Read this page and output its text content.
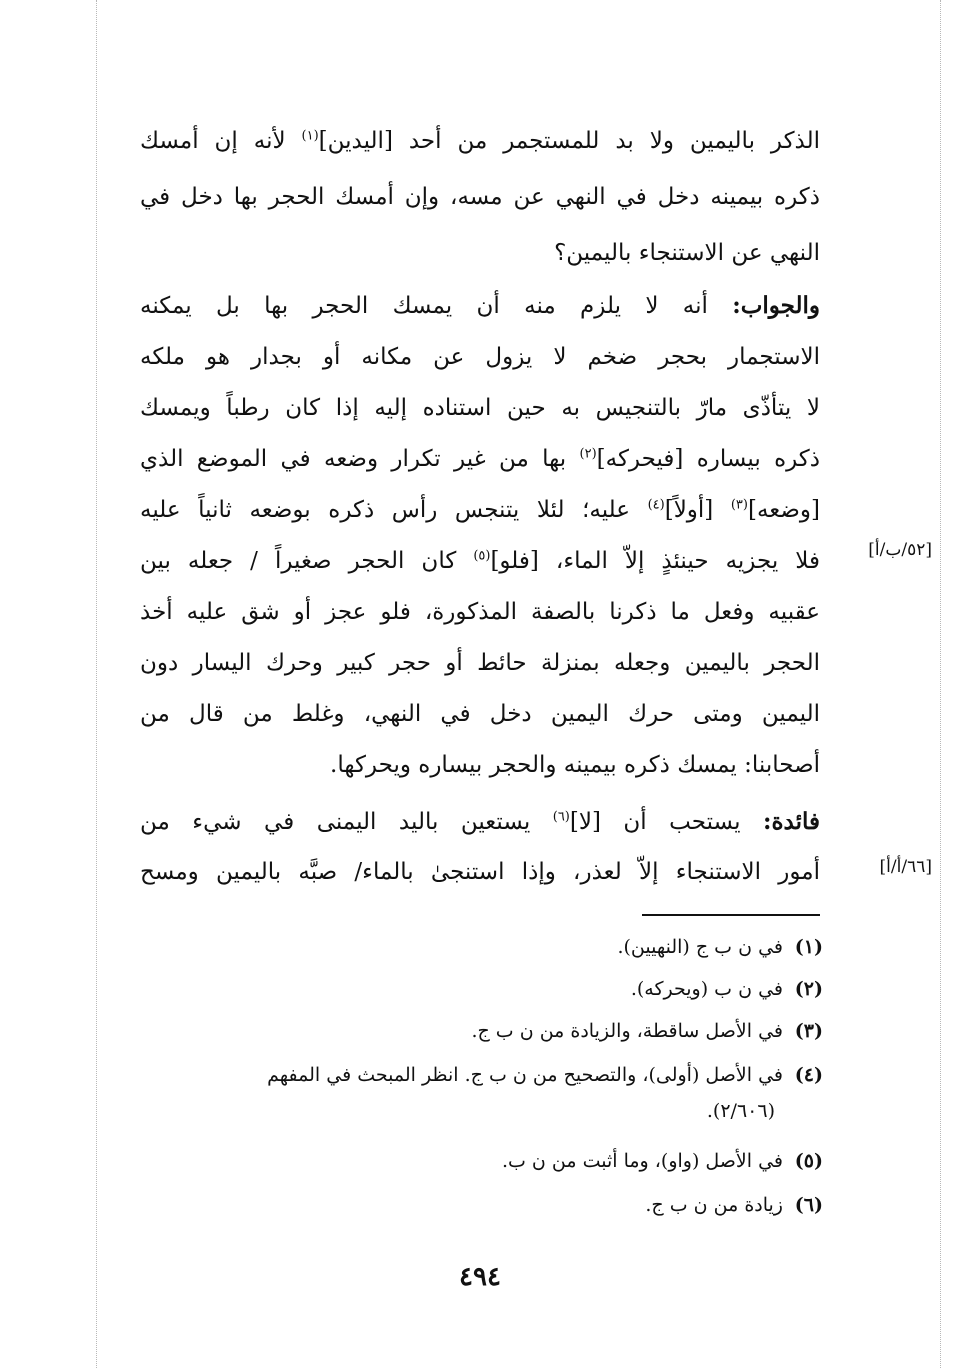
الذكر باليمين ولا بد للمستجمر من أحد [اليدين]$^{(١)}$ لأنه إن أمسك
ذكره بيمينه دخل في النهي عن مسه، وإن أمسك الحجر بها دخل في
النهي عن الاستنجاء باليمين؟
والجواب: أنه لا يلزم منه أن يمسك الحجر بها بل يمكنه
الاستجمار بحجر ضخم لا يزول عن مكانه أو بجدار هو ملكه
لا يتأذّى مارّ بالتنجيس به حين استناده إليه إذا كان رطباً ويمسك
ذكره بيساره [فيحركه]$^{(٢)}$ بها من غير تكرار وضعه في الموضع الذي
[وضعه]$^{(٣)}$ [أولاً]$^{(٤)}$ عليه؛ لئلا يتنجس رأس ذكره بوضعه ثانياً عليه
فلا يجزيه حينئذٍ إلاّ الماء، [فلو]$^{(٥)}$ كان الحجر صغيراً / جعله بين
عقبيه وفعل ما ذكرنا بالصفة المذكورة، فلو عجز أو شق عليه أخذ
الحجر باليمين وجعله بمنزلة حائط أو حجر كبير وحرك اليسار دون
اليمين ومتى حرك اليمين دخل في النهي، وغلط من قال من
أصحابنا: يمسك ذكره بيمينه والحجر بيساره ويحركها.
فائدة: يستحب أن [لا]$^{(٦)}$ يستعين باليد اليمنى في شيء من
أمور الاستنجاء إلاّ لعذر، وإذا استنجىٰ بالماء/ صبَّه باليمين ومسح
[٥٢/ب/أ]
[٦٦/أ/أ]
(١)في ن ب ج (النهيين).
(٢)في ن ب (ويحركه).
(٣)في الأصل ساقطة، والزيادة من ن ب ج.
(٤)في الأصل (أولى)، والتصحيح من ن ب ج. انظر المبحث في المفهم
(٢/٦٠٦).
(٥)في الأصل (واو)، وما أثبت من ن ب.
(٦)زيادة من ن ب ج.
٤٩٤
